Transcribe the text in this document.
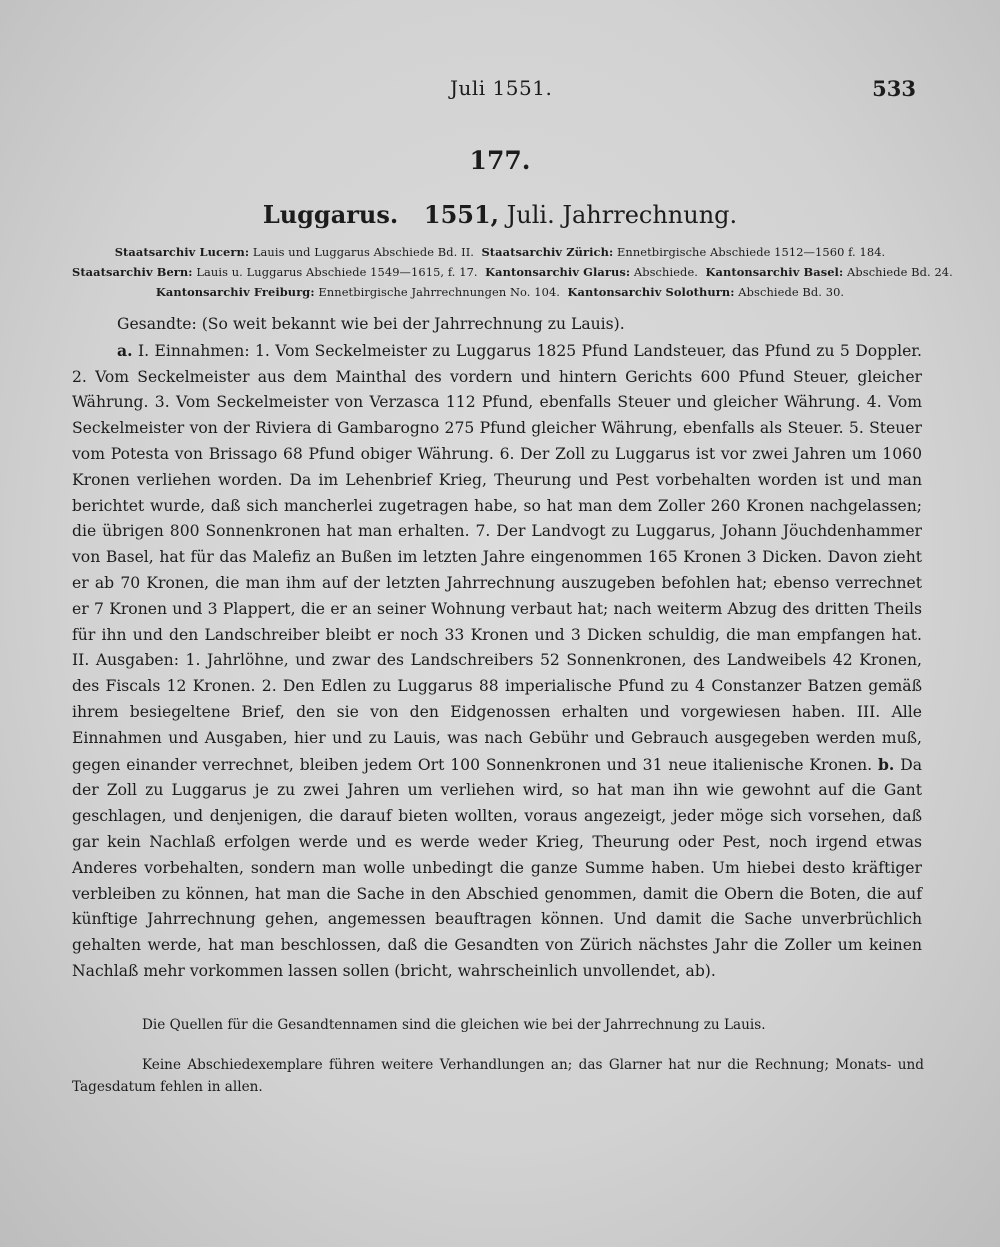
Juli 1551.	533
177.
Luggarus. 1551, Juli. Jahrrechnung.

Staatsarchiv Lucern: Lauis und Luggarus Abschiede Bd. II. Staatsarchiv Zürich: Ennetbirgische Abschiede 1512—1560 f. 184.

Staatsarchiv Bern: Lauis u. Luggarus Abschiede 1549—1615, f. 17. Kantonsarchiv Glarus: Abschiede. Kantonsarchiv Basel: Abschiede Bd. 24.

Kantonsarchiv Freiburg: Ennetbirgische Jahrrechnungen No. 104. Kantonsarchiv Solothurn: Abschiede Bd. 30.

Gesandte: (So weit bekannt wie bei der Jahrrechnung zu Lauis).

a. I. Einnahmen: 1. Vom Seckelmeister zu Luggarus 1825 Pfund Landsteuer, das Pfund zu 5 Doppler. 2. Vom Seckelmeister aus dem Mainthal des vordern und hintern Gerichts 600 Pfund Steuer, gleicher Währung. 3. Vom Seckelmeister von Verzasca 112 Pfund, ebenfalls Steuer und gleicher Währung. 4. Vom Seckelmeister von der Riviera di Gambarogno 275 Pfund gleicher Währung, ebenfalls als Steuer. 5. Steuer vom Potesta von Brissago 68 Pfund obiger Währung. 6. Der Zoll zu Luggarus ist vor zwei Jahren um 1060 Kronen verliehen worden. Da im Lehenbrief Krieg, Theurung und Pest vorbehalten worden ist und man berichtet wurde, daß sich mancherlei zugetragen habe, so hat man dem Zoller 260 Kronen nachgelassen; die übrigen 800 Sonnenkronen hat man erhalten. 7. Der Landvogt zu Luggarus, Johann Jöuchdenhammer von Basel, hat für das Malefiz an Bußen im letzten Jahre eingenommen 165 Kronen 3 Dicken. Davon zieht er ab 70 Kronen, die man ihm auf der letzten Jahrrechnung auszugeben befohlen hat; ebenso verrechnet er 7 Kronen und 3 Plappert, die er an seiner Wohnung verbaut hat; nach weiterm Abzug des dritten Theils für ihn und den Landschreiber bleibt er noch 33 Kronen und 3 Dicken schuldig, die man empfangen hat. II. Ausgaben: 1. Jahrlöhne, und zwar des Landschreibers 52 Sonnenkronen, des Landweibels 42 Kronen, des Fiscals 12 Kronen. 2. Den Edlen zu Luggarus 88 imperialische Pfund zu 4 Constanzer Batzen gemäß ihrem besiegeltene Brief, den sie von den Eidgenossen erhalten und vorgewiesen haben. III. Alle Einnahmen und Ausgaben, hier und zu Lauis, was nach Gebühr und Gebrauch ausgegeben werden muß, gegen einander verrechnet, bleiben jedem Ort 100 Sonnenkronen und 31 neue italienische Kronen. b. Da der Zoll zu Luggarus je zu zwei Jahren um verliehen wird, so hat man ihn wie gewohnt auf die Gant geschlagen, und denjenigen, die darauf bieten wollten, voraus angezeigt, jeder möge sich vorsehen, daß gar kein Nachlaß erfolgen werde und es werde weder Krieg, Theurung oder Pest, noch irgend etwas Anderes vorbehalten, sondern man wolle unbedingt die ganze Summe haben. Um hiebei desto kräftiger verbleiben zu können, hat man die Sache in den Abschied genommen, damit die Obern die Boten, die auf künftige Jahrrechnung gehen, angemessen beauftragen können. Und damit die Sache unverbrüchlich gehalten werde, hat man beschlossen, daß die Gesandten von Zürich nächstes Jahr die Zoller um keinen Nachlaß mehr vorkommen lassen sollen (bricht, wahrscheinlich unvollendet, ab).

Die Quellen für die Gesandtennamen sind die gleichen wie bei der Jahrrechnung zu Lauis.

Keine Abschiedexemplare führen weitere Verhandlungen an; das Glarner hat nur die Rechnung; Monats- und Tagesdatum fehlen in allen.
